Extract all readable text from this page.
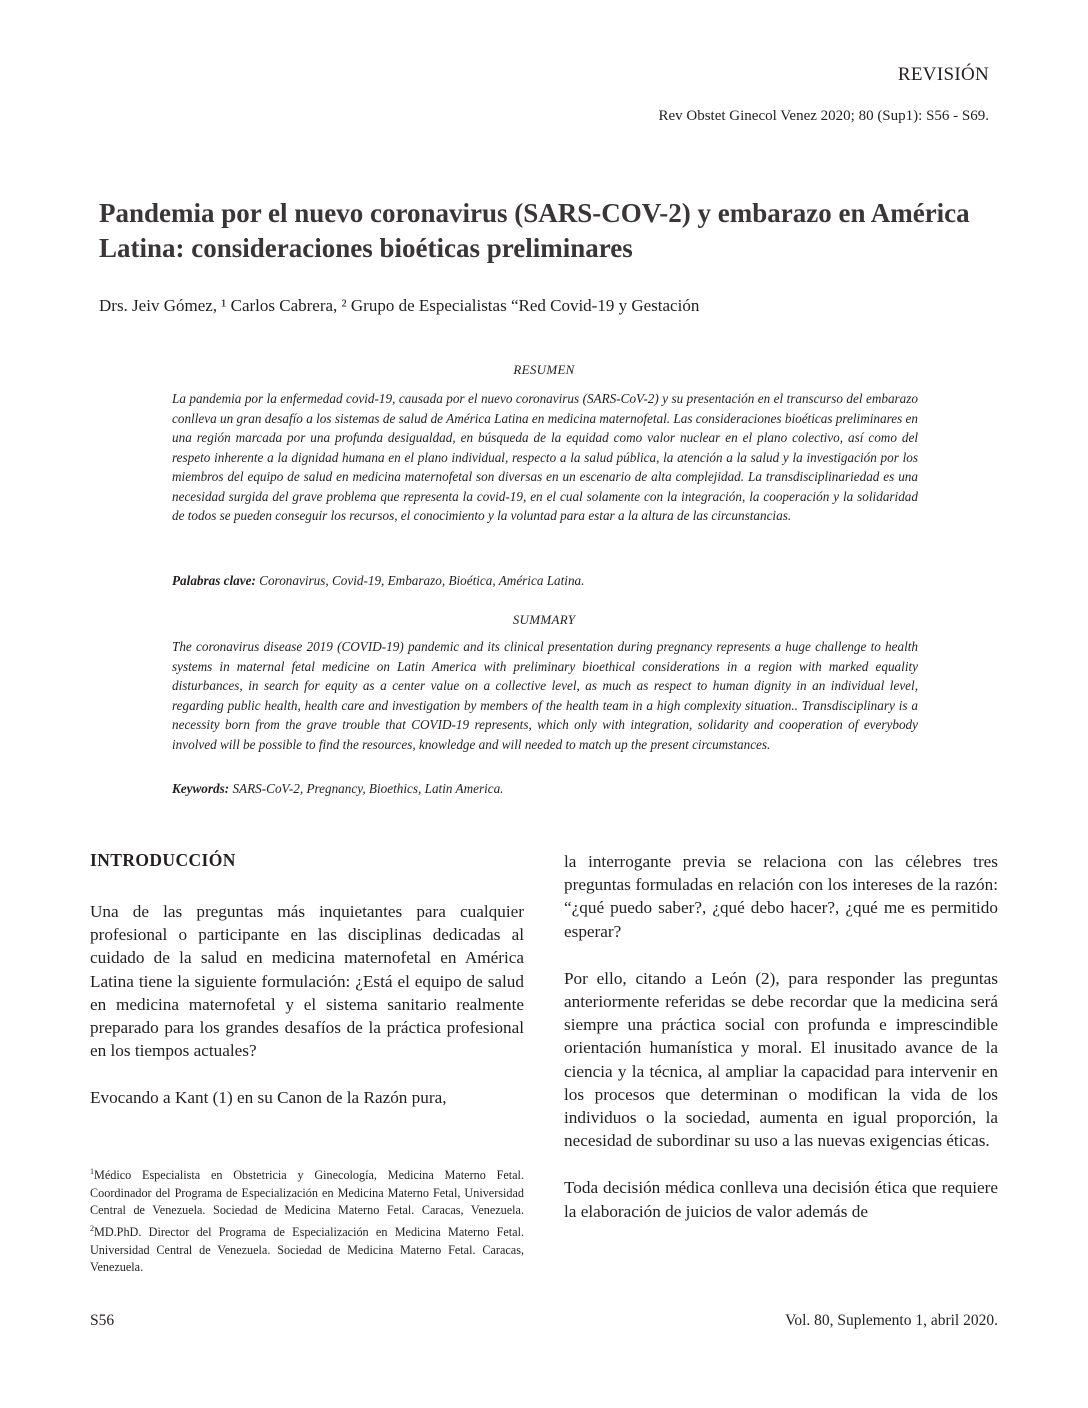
REVISIÓN
Rev Obstet Ginecol Venez 2020; 80 (Sup1): S56 - S69.
Pandemia por el nuevo coronavirus (SARS-COV-2) y embarazo en América Latina: consideraciones bioéticas preliminares
Drs. Jeiv Gómez, ¹ Carlos Cabrera, ² Grupo de Especialistas “Red Covid-19 y Gestación
RESUMEN

La pandemia por la enfermedad covid-19, causada por el nuevo coronavirus (SARS-CoV-2) y su presentación en el transcurso del embarazo conlleva un gran desafío a los sistemas de salud de América Latina en medicina maternofetal. Las consideraciones bioéticas preliminares en una región marcada por una profunda desigualdad, en búsqueda de la equidad como valor nuclear en el plano colectivo, así como del respeto inherente a la dignidad humana en el plano individual, respecto a la salud pública, la atención a la salud y la investigación por los miembros del equipo de salud en medicina maternofetal son diversas en un escenario de alta complejidad. La transdisciplinariedad es una necesidad surgida del grave problema que representa la covid-19, en el cual solamente con la integración, la cooperación y la solidaridad de todos se pueden conseguir los recursos, el conocimiento y la voluntad para estar a la altura de las circunstancias.

Palabras clave: Coronavirus, Covid-19, Embarazo, Bioética, América Latina.
SUMMARY

The coronavirus disease 2019 (COVID-19) pandemic and its clinical presentation during pregnancy represents a huge challenge to health systems in maternal fetal medicine on Latin America with preliminary bioethical considerations in a region with marked equality disturbances, in search for equity as a center value on a collective level, as much as respect to human dignity in an individual level, regarding public health, health care and investigation by members of the health team in a high complexity situation.. Transdisciplinary is a necessity born from the grave trouble that COVID-19 represents, which only with integration, solidarity and cooperation of everybody involved will be possible to find the resources, knowledge and will needed to match up the present circumstances.

Keywords: SARS-CoV-2, Pregnancy, Bioethics, Latin America.
INTRODUCCIÓN

Una de las preguntas más inquietantes para cualquier profesional o participante en las disciplinas dedicadas al cuidado de la salud en medicina maternofetal en América Latina tiene la siguiente formulación: ¿Está el equipo de salud en medicina maternofetal y el sistema sanitario realmente preparado para los grandes desafíos de la práctica profesional en los tiempos actuales?

Evocando a Kant (1) en su Canon de la Razón pura,

la interrogante previa se relaciona con las célebres tres preguntas formuladas en relación con los intereses de la razón: “¿qué puedo saber?, ¿qué debo hacer?, ¿qué me es permitido esperar?

Por ello, citando a León (2), para responder las preguntas anteriormente referidas se debe recordar que la medicina será siempre una práctica social con profunda e imprescindible orientación humanística y moral. El inusitado avance de la ciencia y la técnica, al ampliar la capacidad para intervenir en los procesos que determinan o modifican la vida de los individuos o la sociedad, aumenta en igual proporción, la necesidad de subordinar su uso a las nuevas exigencias éticas.

Toda decisión médica conlleva una decisión ética que requiere la elaboración de juicios de valor además de

$^1$Médico Especialista en Obstetricia y Ginecología, Medicina Materno Fetal. Coordinador del Programa de Especialización en Medicina Materno Fetal, Universidad Central de Venezuela. Sociedad de Medicina Materno Fetal. Caracas, Venezuela. $^2$MD.PhD. Director del Programa de Especialización en Medicina Materno Fetal. Universidad Central de Venezuela. Sociedad de Medicina Materno Fetal. Caracas, Venezuela.

S56	Vol. 80, Suplemento 1, abril 2020.
